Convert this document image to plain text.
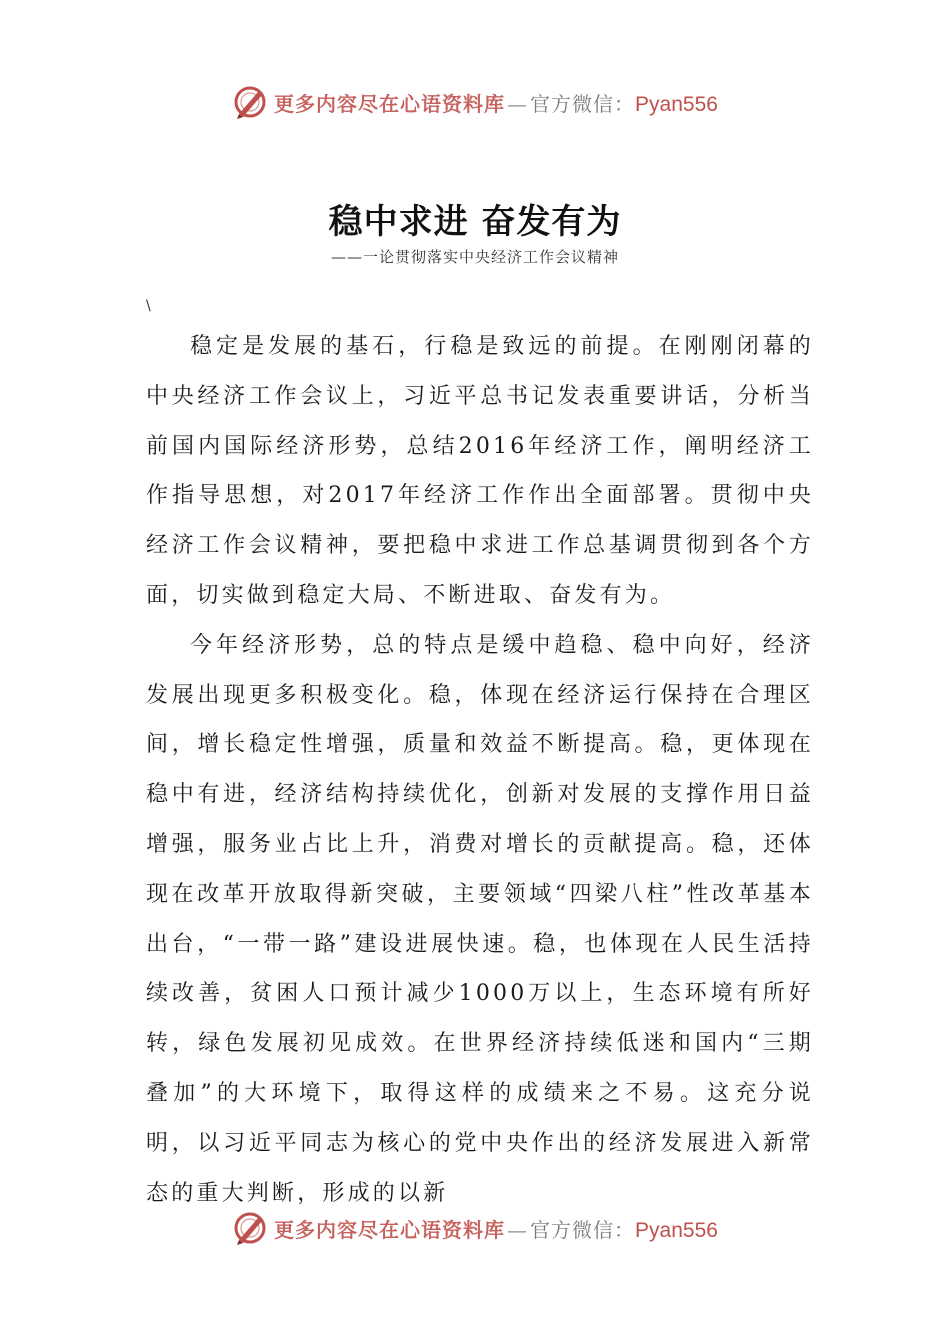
更多内容尽在心语资料库 — 官方微信： Pyan556
稳中求进 奋发有为
——一论贯彻落实中央经济工作会议精神
\

稳定是发展的基石，行稳是致远的前提。在刚刚闭幕的中央经济工作会议上，习近平总书记发表重要讲话，分析当前国内国际经济形势，总结2016年经济工作，阐明经济工作指导思想，对2017年经济工作作出全面部署。贯彻中央经济工作会议精神，要把稳中求进工作总基调贯彻到各个方面，切实做到稳定大局、不断进取、奋发有为。

今年经济形势，总的特点是缓中趋稳、稳中向好，经济发展出现更多积极变化。稳，体现在经济运行保持在合理区间，增长稳定性增强，质量和效益不断提高。稳，更体现在稳中有进，经济结构持续优化，创新对发展的支撑作用日益增强，服务业占比上升，消费对增长的贡献提高。稳，还体现在改革开放取得新突破，主要领域“四梁八柱”性改革基本出台，“一带一路”建设进展快速。稳，也体现在人民生活持续改善，贫困人口预计减少1000万以上，生态环境有所好转，绿色发展初见成效。在世界经济持续低迷和国内“三期叠加”的大环境下，取得这样的成绩来之不易。这充分说明，以习近平同志为核心的党中央作出的经济发展进入新常态的重大判断，形成的以新

更多内容尽在心语资料库 — 官方微信： Pyan556
